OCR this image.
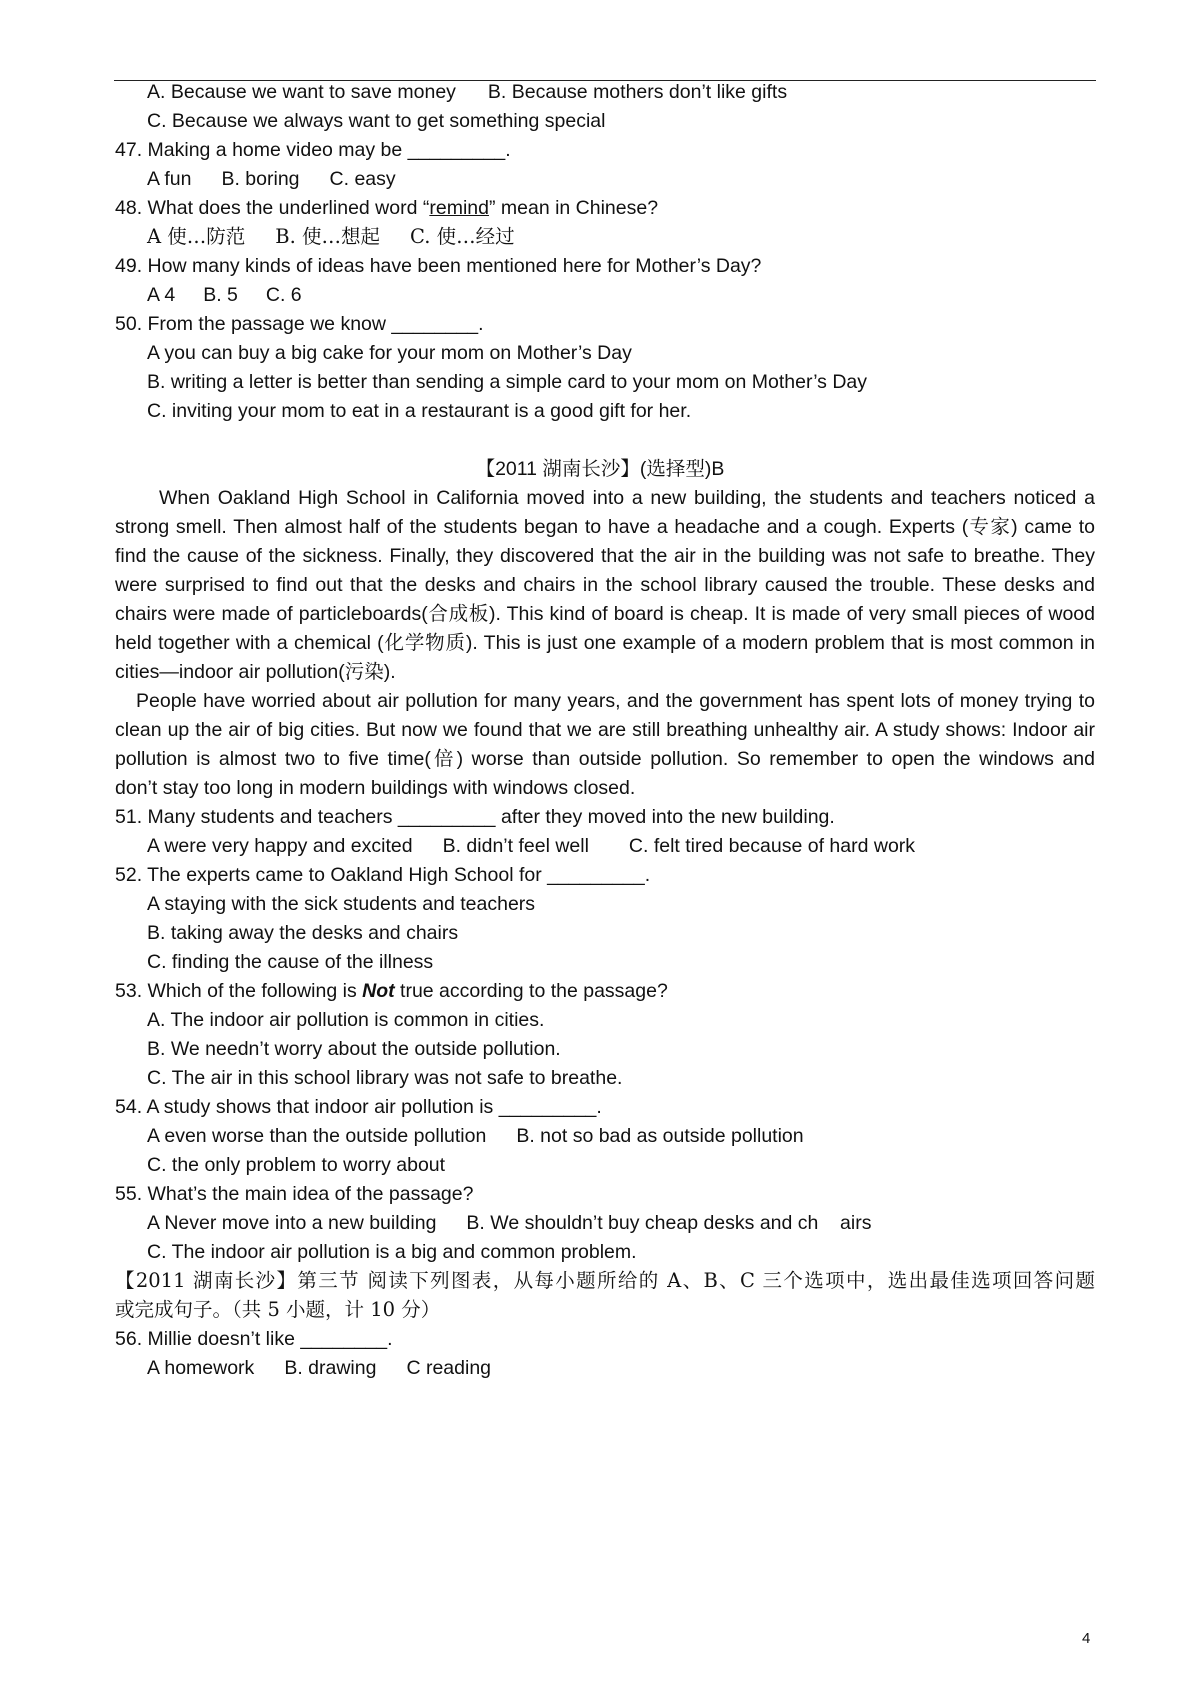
A. Because we want to save money B. Because mothers don’t like gifts
C. Because we always want to get something special
47. Making a home video may be _________.
A fun B. boring C. easy
48. What does the underlined word “remind” mean in Chinese?
A 使…防范 B. 使…想起 C. 使…经过
49. How many kinds of ideas have been mentioned here for Mother’s Day?
A 4 B. 5 C. 6
50. From the passage we know ________.
A you can buy a big cake for your mom on Mother’s Day
B. writing a letter is better than sending a simple card to your mom on Mother’s Day
C. inviting your mom to eat in a restaurant is a good gift for her.
【2011 湖南长沙】(选择型)B
When Oakland High School in California moved into a new building, the students and teachers noticed a
strong smell. Then almost half of the students began to have a headache and a cough. Experts (专家) came to
find the cause of the sickness. Finally, they discovered that the air in the building was not safe to breathe. They
were surprised to find out that the desks and chairs in the school library caused the trouble. These desks and
chairs were made of particleboards(合成板). This kind of board is cheap. It is made of very small pieces of wood
held together with a chemical (化学物质). This is just one example of a modern problem that is most common in
cities—indoor air pollution(污染).
People have worried about air pollution for many years, and the government has spent lots of money trying to
clean up the air of big cities. But now we found that we are still breathing unhealthy air. A study shows: Indoor air
pollution is almost two to five time(倍) worse than outside pollution. So remember to open the windows and
don’t stay too long in modern buildings with windows closed.
51. Many students and teachers _________ after they moved into the new building.
A were very happy and excited B. didn’t feel well C. felt tired because of hard work
52. The experts came to Oakland High School for _________.
A staying with the sick students and teachers
B. taking away the desks and chairs
C. finding the cause of the illness
53. Which of the following is Not true according to the passage?
A. The indoor air pollution is common in cities.
B. We needn’t worry about the outside pollution.
C. The air in this school library was not safe to breathe.
54. A study shows that indoor air pollution is _________.
A even worse than the outside pollution B. not so bad as outside pollution
C. the only problem to worry about
55. What’s the main idea of the passage?
A Never move into a new building B. We shouldn’t buy cheap desks and ch    airs
C. The indoor air pollution is a big and common problem.
【2011 湖南长沙】第三节 阅读下列图表，从每小题所给的 A、B、C 三个选项中，选出最佳选项回答问题
或完成句子。（共 5 小题，计 10 分）
56. Millie doesn’t like ________.
A homework B. drawing C reading
4
